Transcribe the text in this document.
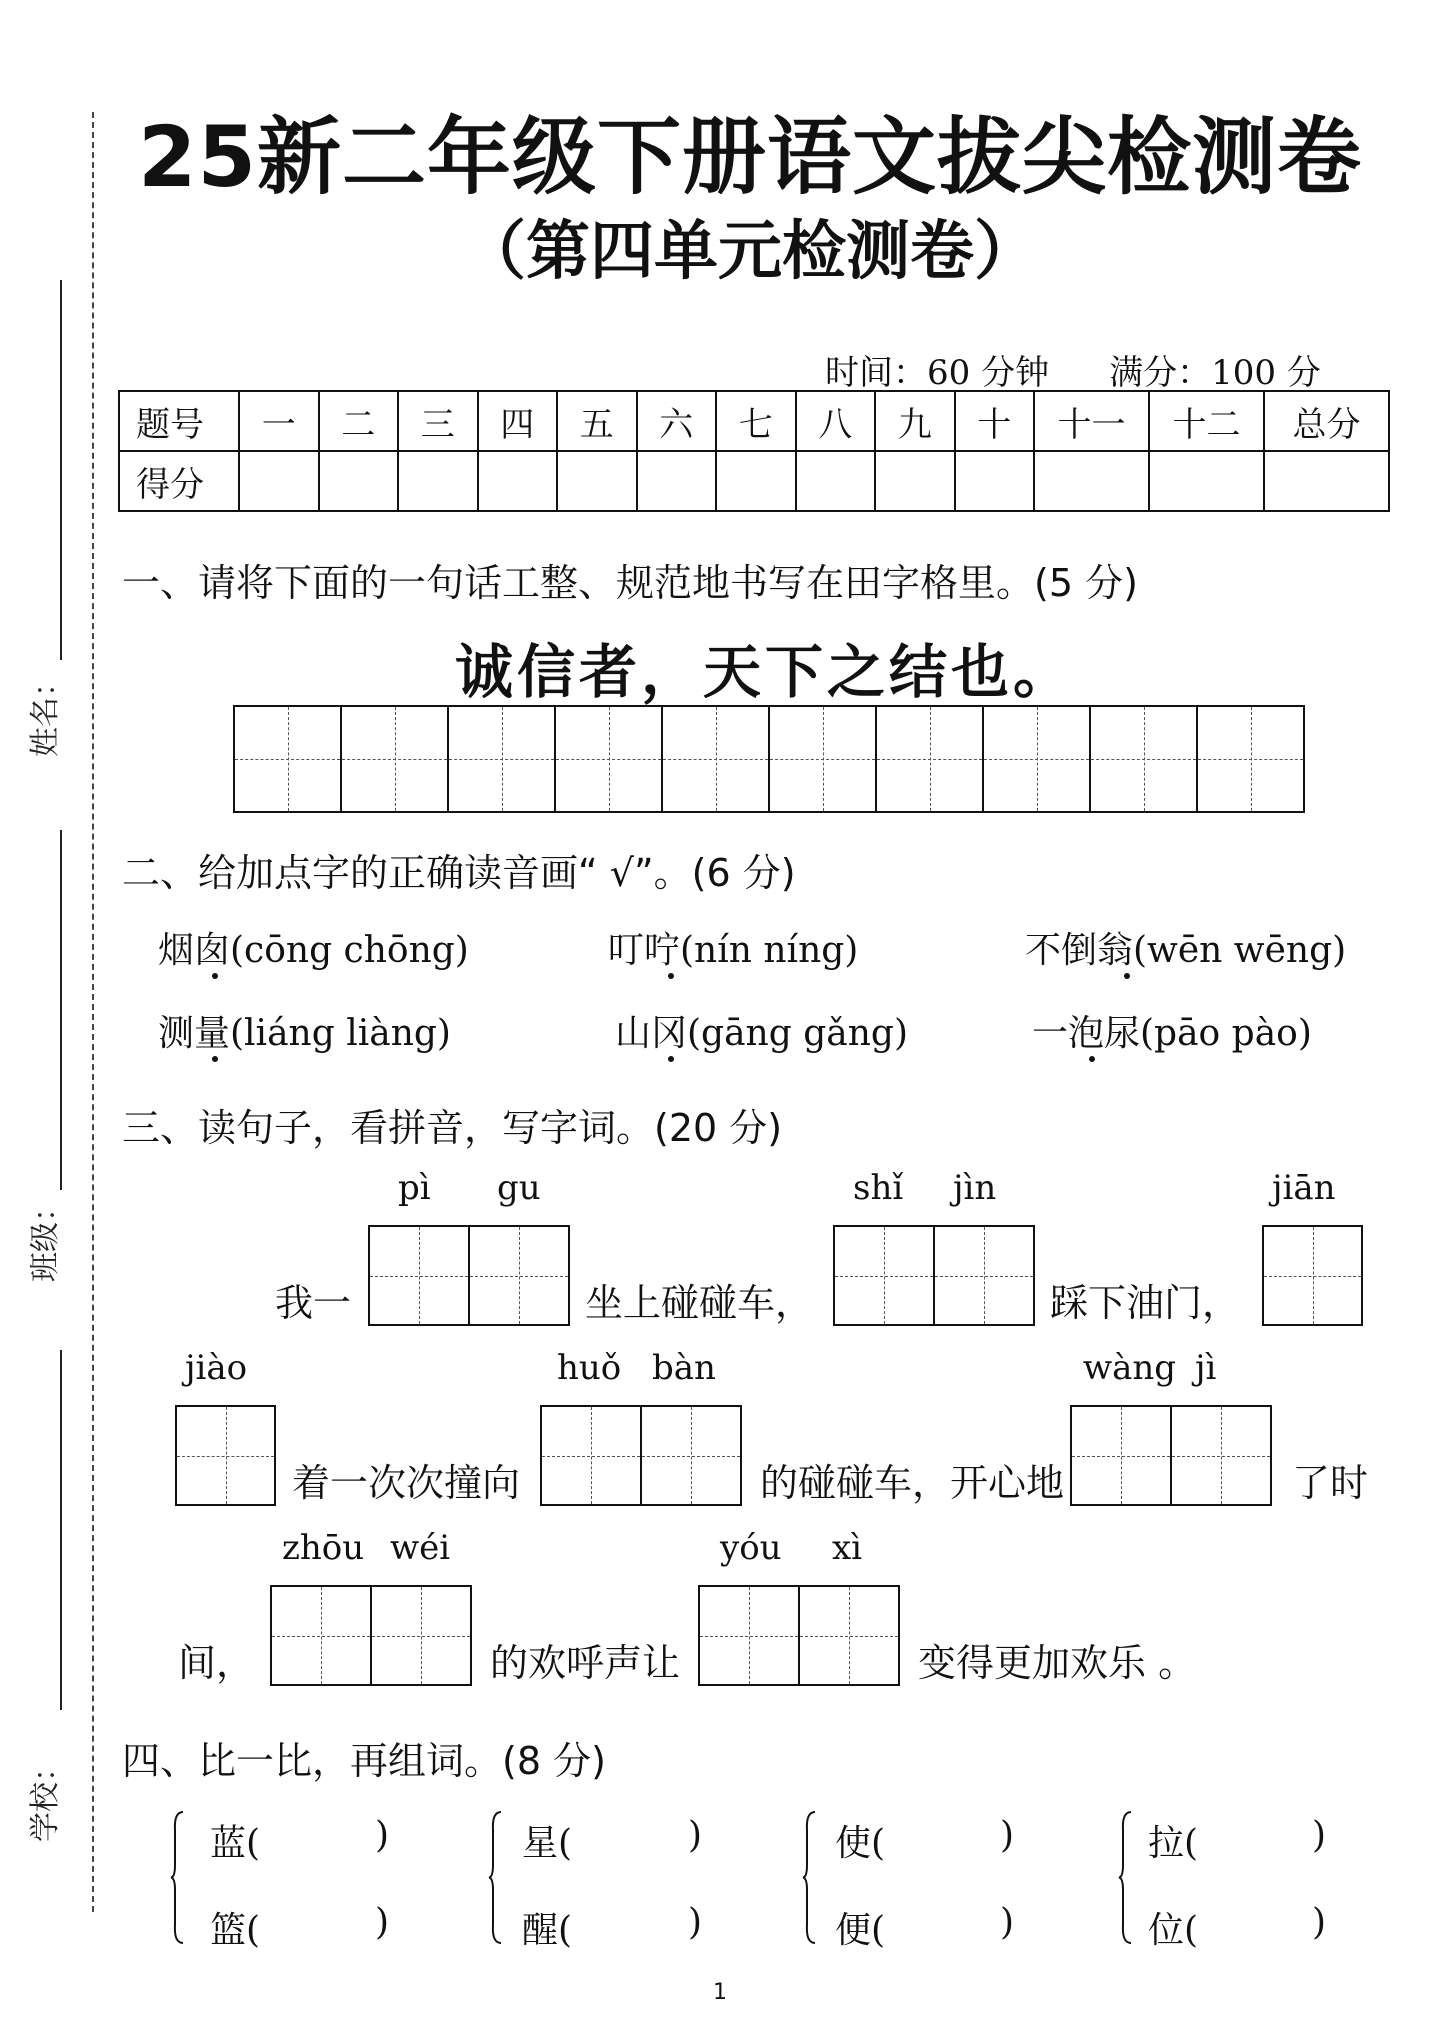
姓名：
班级：
学校：
25新二年级下册语文拔尖检测卷
（第四单元检测卷）
时间：60 分钟 满分：100 分
题号	一	二	三	四	五	六	七	八	九	十	十一	十二	总分
得分													
一、请将下面的一句话工整、规范地书写在田字格里。(5 分)
诚信者，天下之结也。
二、给加点字的正确读音画“ √”。(6 分)
烟囱(cōng chōng)	叮咛(nín níng)	不倒翁(wēn wēng)
测量(liáng liàng)	山冈(gāng gǎng)	一泡尿(pāo pào)
三、读句子，看拼音，写字词。(20 分)
pì gu	shǐ jìn	jiān
我一	坐上碰碰车，	踩下油门，
jiào	huǒ bàn	wàng jì
着一次次撞向	的碰碰车，开心地	了时
zhōu wéi	yóu xì
间，	的欢呼声让	变得更加欢乐 。
四、比一比，再组词。(8 分)
蓝(	)
篮(	)
星(	)
醒(	)
使(	)
便(	)
拉(	)
位(	)
1
